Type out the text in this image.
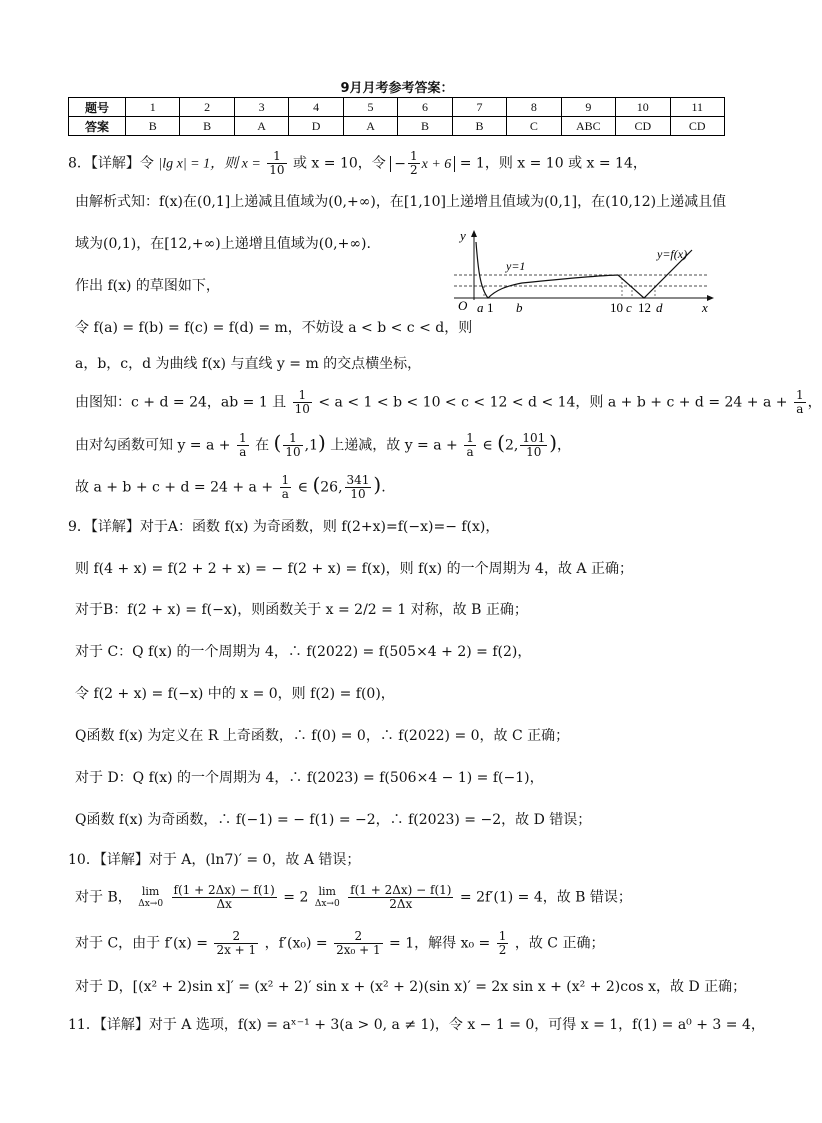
9月月考参考答案：
题号	1	2	3	4	5	6	7	8	9	10	11
答案	B	B	A	D	A	B	B	C	ABC	CD	CD
8．【详解】令 |lg x| = 1，则 $x = \frac{1}{10}$ 或 x = 10，令 − $\frac{1}{2}$ x + 6 = 1，则 x = 10 或 x = 14，
由解析式知：f(x)在(0,1]上递减且值域为(0,+∞)，在[1,10]上递增且值域为(0,1]，在(10,12)上递减且值
域为(0,1)，在[12,+∞)上递增且值域为(0,+∞).
作出 f(x) 的草图如下，
令 f(a) = f(b) = f(c) = f(d) = m，不妨设 a < b < c < d，则
a，b，c，d 为曲线 f(x) 与直线 y = m 的交点横坐标，
由图知：c + d = 24，ab = 1 且 $\frac{1}{10} < a < 1 < b < 10 < c < 12 < d < 14$，则 $a + b + c + d = 24 + a + \frac{1}{a}$ ，
由对勾函数可知 $y = a + \frac{1}{a}$ 在 ( $\frac{1}{10} ,1$) 上递减，故 $y = a + \frac{1}{a}$ ∈ (2, $\frac{101}{10}$ )，
故 $a + b + c + d = 24 + a + \frac{1}{a}$ ∈ (26, $\frac{341}{10}$ ).
y
x
O
y=1
y=f(x)
a 1 b	10 c 12 d
9．【详解】对于A：函数 f(x) 为奇函数，则 f(2+x)=f(−x)=− f(x)，
则 f(4 + x) = f(2 + 2 + x) = − f(2 + x) = f(x)，则 f(x) 的一个周期为 4，故 A 正确；
对于B：f(2 + x) = f(−x)，则函数关于 x = 2/2 = 1 对称，故 B 正确；
对于 C：Q f(x) 的一个周期为 4，∴ f(2022) = f(505×4 + 2) = f(2)，
令 f(2 + x) = f(−x) 中的 x = 0，则 f(2) = f(0)，
Q函数 f(x) 为定义在 R 上奇函数，∴ f(0) = 0，∴ f(2022) = 0，故 C 正确；
对于 D：Q f(x) 的一个周期为 4，∴ f(2023) = f(506×4 − 1) = f(−1)，
Q函数 f(x) 为奇函数，∴ f(−1) = − f(1) = −2，∴ f(2023) = −2，故 D 错误；
10．【详解】对于 A，(ln7)′ = 0，故 A 错误；
对于 B， lim
Δx→0
$\frac{f(1 + 2\Delta x) - f(1)}{\Delta x} = 2$ lim
Δx→0
$\frac{f(1 + 2\Delta x) - f(1)}{2\Delta x} = 2f'(1) = 4$，故 B 错误；
对于 C，由于 $f'(x) = \frac{2}{2x + 1}$ ，$f'(x_0) = \frac{2}{\text{2x₀ + 1}} = 1$，解得 $x_0 = \frac{1}{2}$ ，故 C 正确；
对于 D，[(x² + 2)sin x]′ = (x² + 2)′ sin x + (x² + 2)(sin x)′ = 2x sin x + (x² + 2)cos x，故 D 正确；
11．【详解】对于 A 选项，f(x) = aˣ⁻¹ + 3(a > 0, a ≠ 1)，令 x − 1 = 0，可得 x = 1，f(1) = a⁰ + 3 = 4，
